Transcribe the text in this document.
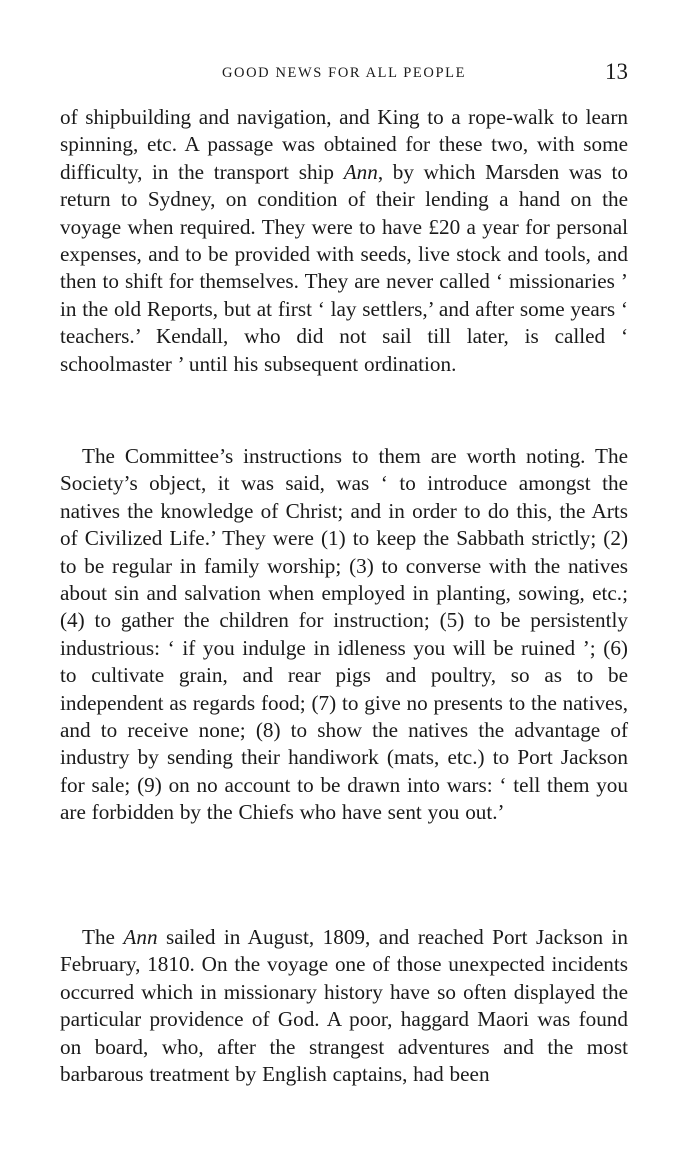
GOOD NEWS FOR ALL PEOPLE	13

of shipbuilding and navigation, and King to a rope-walk to learn spinning, etc. A passage was obtained for these two, with some difficulty, in the transport ship Ann, by which Marsden was to return to Sydney, on condition of their lending a hand on the voyage when required. They were to have £20 a year for personal expenses, and to be provided with seeds, live stock and tools, and then to shift for themselves. They are never called ‘ missionaries ’ in the old Reports, but at first ‘ lay settlers,’ and after some years ‘ teachers.’ Kendall, who did not sail till later, is called ‘ schoolmaster ’ until his subsequent ordination.

The Committee’s instructions to them are worth noting. The Society’s object, it was said, was ‘ to introduce amongst the natives the knowledge of Christ; and in order to do this, the Arts of Civilized Life.’ They were (1) to keep the Sabbath strictly; (2) to be regular in family worship; (3) to converse with the natives about sin and salvation when employed in planting, sowing, etc.; (4) to gather the children for instruction; (5) to be persistently industrious: ‘ if you indulge in idleness you will be ruined ’; (6) to cultivate grain, and rear pigs and poultry, so as to be independent as regards food; (7) to give no presents to the natives, and to receive none; (8) to show the natives the advantage of industry by sending their handiwork (mats, etc.) to Port Jackson for sale; (9) on no account to be drawn into wars: ‘ tell them you are forbidden by the Chiefs who have sent you out.’

The Ann sailed in August, 1809, and reached Port Jackson in February, 1810. On the voyage one of those unexpected incidents occurred which in missionary history have so often displayed the particular providence of God. A poor, haggard Maori was found on board, who, after the strangest adventures and the most barbarous treatment by English captains, had been
